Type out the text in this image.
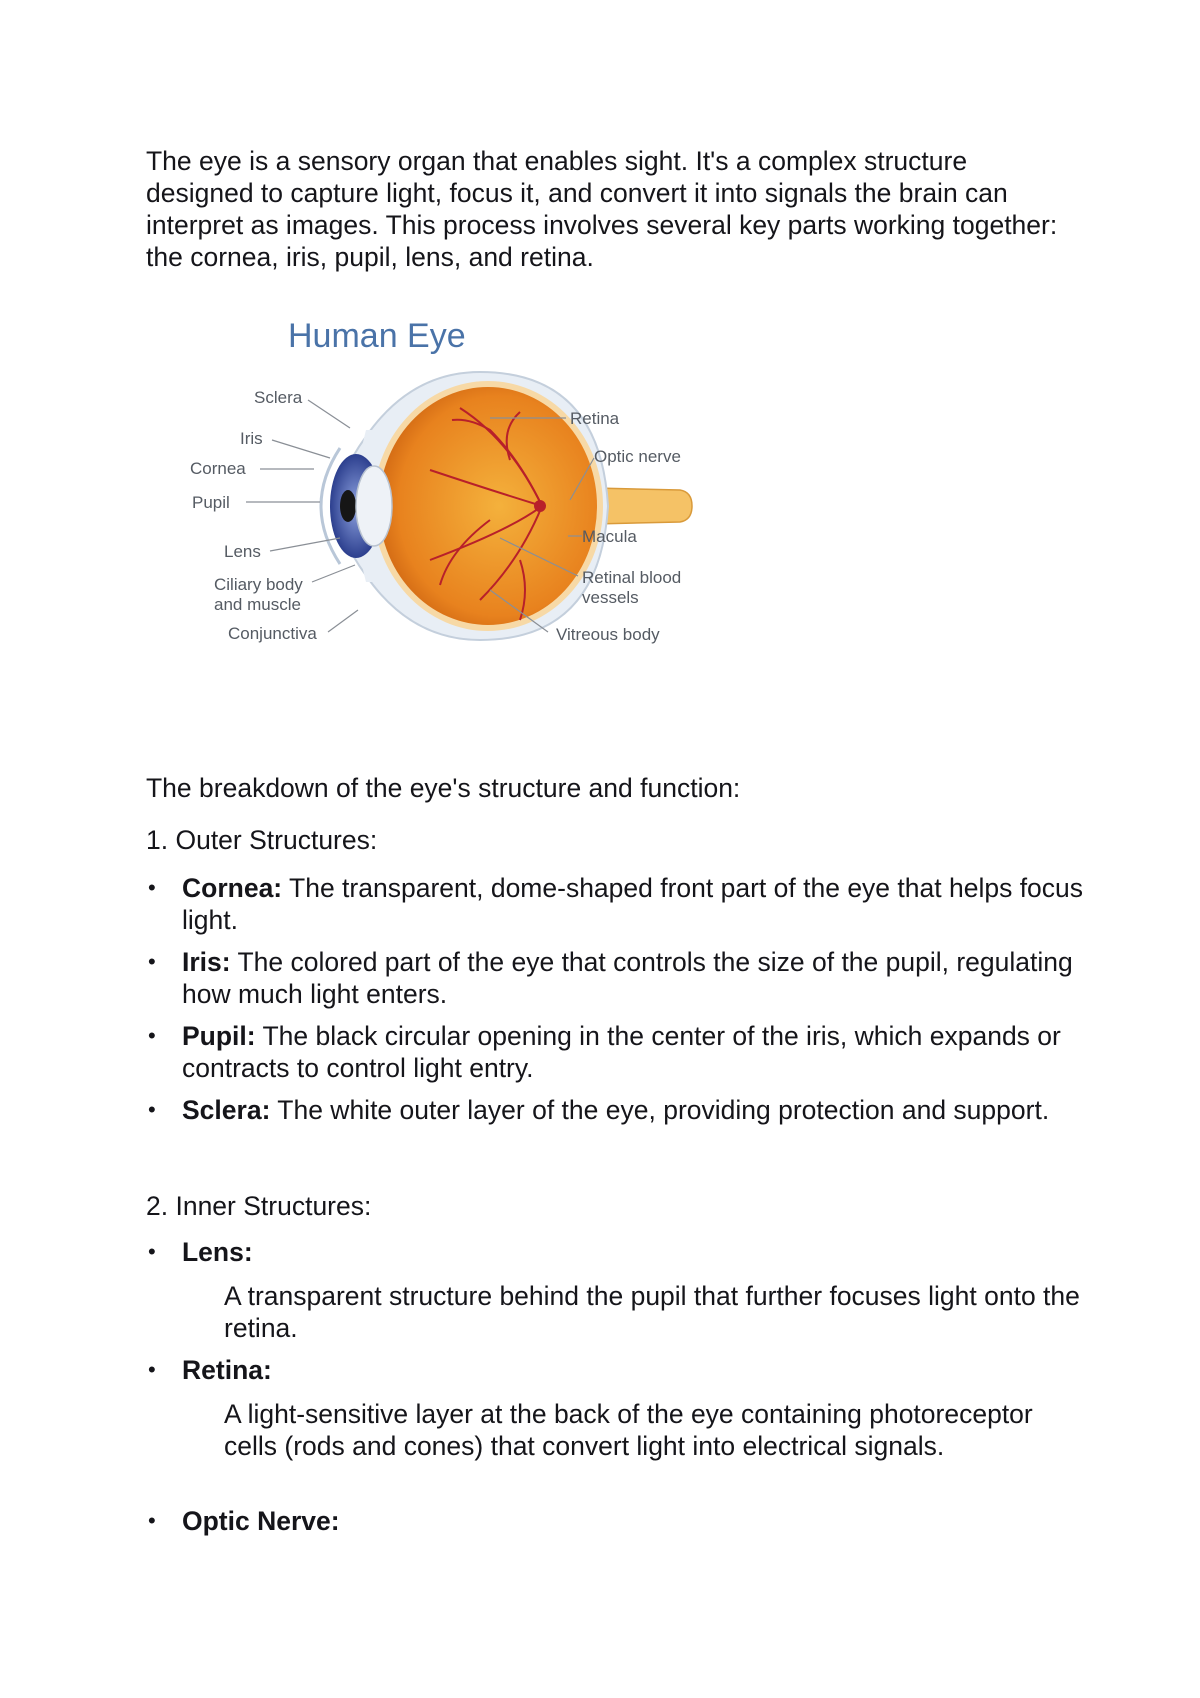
The eye is a sensory organ that enables sight. It's a complex structure designed to capture light, focus it, and convert it into signals the brain can interpret as images. This process involves several key parts working together: the cornea, iris, pupil, lens, and retina.
Human Eye
Sclera
Iris
Cornea
Pupil
Lens
Ciliary body
and muscle
Conjunctiva
Retina
Optic nerve
Macula
Retinal blood
vessels
Vitreous body
The breakdown of the eye's structure and function:
1. Outer Structures:
• Cornea: The transparent, dome-shaped front part of the eye that helps focus light.
• Iris: The colored part of the eye that controls the size of the pupil, regulating how much light enters.
• Pupil: The black circular opening in the center of the iris, which expands or contracts to control light entry.
• Sclera: The white outer layer of the eye, providing protection and support.
2. Inner Structures:
• Lens:
A transparent structure behind the pupil that further focuses light onto the retina.
• Retina:
A light-sensitive layer at the back of the eye containing photoreceptor cells (rods and cones) that convert light into electrical signals.
• Optic Nerve:
